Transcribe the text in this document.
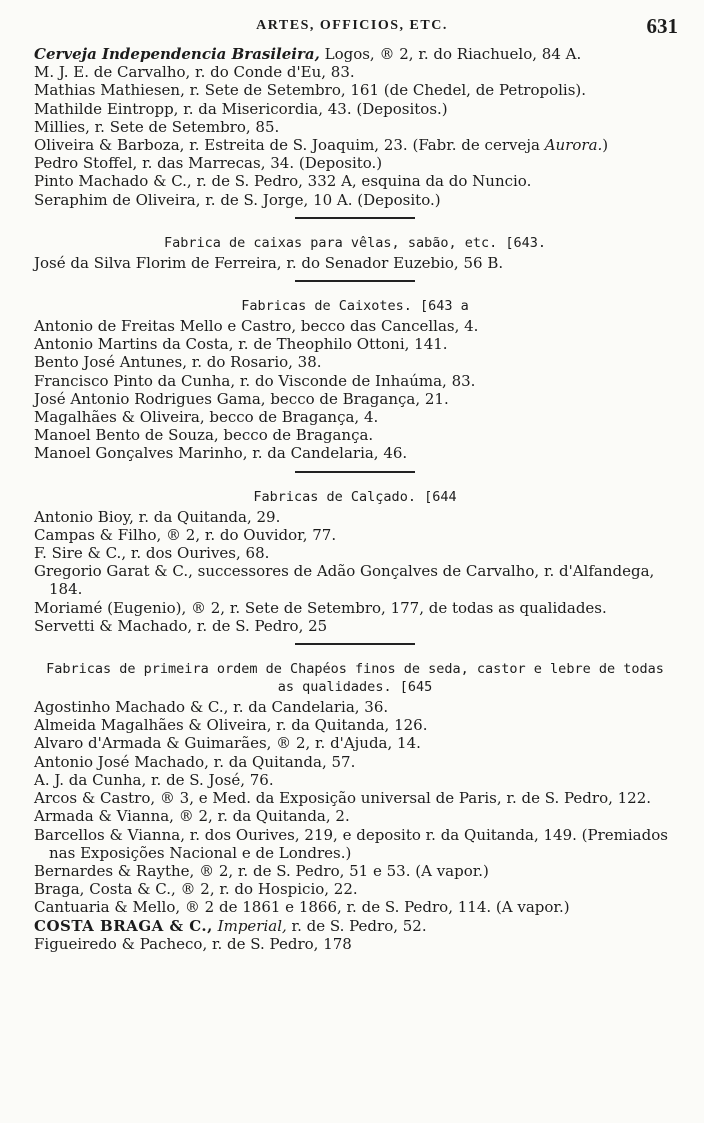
ARTES, OFFICIOS, ETC.	631
Cerveja Independencia Brasileira, Logos, ® 2, r. do Riachuelo, 84 A.
M. J. E. de Carvalho, r. do Conde d'Eu, 83.
Mathias Mathiesen, r. Sete de Setembro, 161 (de Chedel, de Petropolis).
Mathilde Eintropp, r. da Misericordia, 43. (Depositos.)
Millies, r. Sete de Setembro, 85.
Oliveira & Barboza, r. Estreita de S. Joaquim, 23. (Fabr. de cerveja Aurora.)
Pedro Stoffel, r. das Marrecas, 34. (Deposito.)
Pinto Machado & C., r. de S. Pedro, 332 A, esquina da do Nuncio.
Seraphim de Oliveira, r. de S. Jorge, 10 A. (Deposito.)
Fabrica de caixas para vêlas, sabão, etc. [643.
José da Silva Florim de Ferreira, r. do Senador Euzebio, 56 B.
Fabricas de Caixotes. [643 a
Antonio de Freitas Mello e Castro, becco das Cancellas, 4.
Antonio Martins da Costa, r. de Theophilo Ottoni, 141.
Bento José Antunes, r. do Rosario, 38.
Francisco Pinto da Cunha, r. do Visconde de Inhaúma, 83.
José Antonio Rodrigues Gama, becco de Bragança, 21.
Magalhães & Oliveira, becco de Bragança, 4.
Manoel Bento de Souza, becco de Bragança.
Manoel Gonçalves Marinho, r. da Candelaria, 46.
Fabricas de Calçado. [644
Antonio Bioy, r. da Quitanda, 29.
Campas & Filho, ® 2, r. do Ouvidor, 77.
F. Sire & C., r. dos Ourives, 68.
Gregorio Garat & C., successores de Adão Gonçalves de Carvalho, r. d'Alfandega, 184.
Moriamé (Eugenio), ® 2, r. Sete de Setembro, 177, de todas as qualidades.
Servetti & Machado, r. de S. Pedro, 25
Fabricas de primeira ordem de Chapéos finos de seda, castor e lebre de todas as qualidades. [645
Agostinho Machado & C., r. da Candelaria, 36.
Almeida Magalhães & Oliveira, r. da Quitanda, 126.
Alvaro d'Armada & Guimarães, ® 2, r. d'Ajuda, 14.
Antonio José Machado, r. da Quitanda, 57.
A. J. da Cunha, r. de S. José, 76.
Arcos & Castro, ® 3, e Med. da Exposição universal de Paris, r. de S. Pedro, 122.
Armada & Vianna, ® 2, r. da Quitanda, 2.
Barcellos & Vianna, r. dos Ourives, 219, e deposito r. da Quitanda, 149. (Premiados nas Exposições Nacional e de Londres.)
Bernardes & Raythe, ® 2, r. de S. Pedro, 51 e 53. (A vapor.)
Braga, Costa & C., ® 2, r. do Hospicio, 22.
Cantuaria & Mello, ® 2 de 1861 e 1866, r. de S. Pedro, 114. (A vapor.)
COSTA BRAGA & C., Imperial, r. de S. Pedro, 52.
Figueiredo & Pacheco, r. de S. Pedro, 178
